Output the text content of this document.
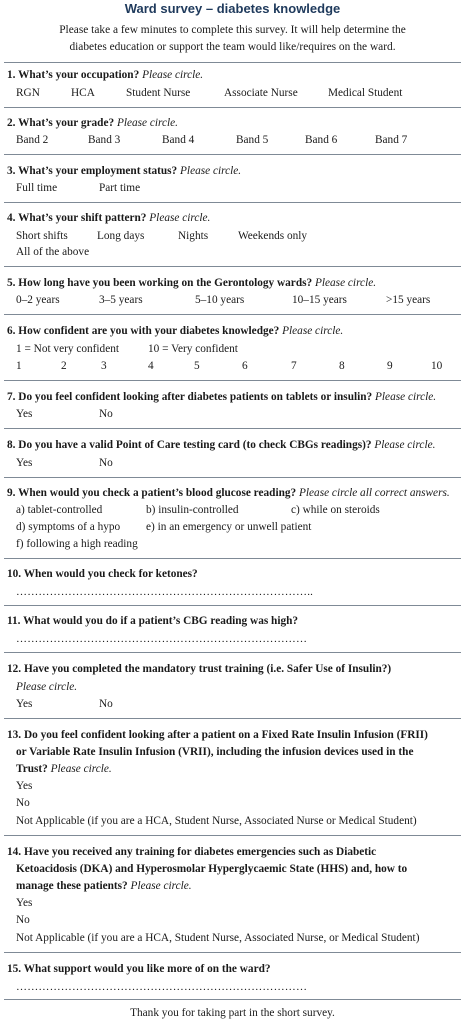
Ward survey – diabetes knowledge
Please take a few minutes to complete this survey. It will help determine the
diabetes education or support the team would like/requires on the ward.
1. What’s your occupation? Please circle.
RGN	HCA	Student Nurse	Associate Nurse	Medical Student
2. What’s your grade? Please circle.
Band 2	Band 3	Band 4	Band 5	Band 6	Band 7
3. What’s your employment status? Please circle.
Full time	Part time
4. What’s your shift pattern? Please circle.
Short shifts	Long days	Nights	Weekends only
All of the above
5. How long have you been working on the Gerontology wards? Please circle.
0–2 years	3–5 years	5–10 years	10–15 years	>15 years
6. How confident are you with your diabetes knowledge? Please circle.
1 = Not very confident	10 = Very confident
1	2	3	4	5	6	7	8	9	10
7. Do you feel confident looking after diabetes patients on tablets or insulin? Please circle.
Yes	No
8. Do you have a valid Point of Care testing card (to check CBGs readings)? Please circle.
Yes	No
9. When would you check a patient’s blood glucose reading? Please circle all correct answers.
a) tablet-controlled	b) insulin-controlled	c) while on steroids
d) symptoms of a hypo e) in an emergency or unwell patient
f) following a high reading
10. When would you check for ketones?
……………………………………………………………………..
11. What would you do if a patient’s CBG reading was high?
……………………………………………………………………
12. Have you completed the mandatory trust training (i.e. Safer Use of Insulin?)
Please circle.
Yes	No
13. Do you feel confident looking after a patient on a Fixed Rate Insulin Infusion (FRII)
or Variable Rate Insulin Infusion (VRII), including the infusion devices used in the
Trust? Please circle.
Yes
No
Not Applicable (if you are a HCA, Student Nurse, Associated Nurse or Medical Student)
14. Have you received any training for diabetes emergencies such as Diabetic
Ketoacidosis (DKA) and Hyperosmolar Hyperglycaemic State (HHS) and, how to
manage these patients? Please circle.
Yes
No
Not Applicable (if you are a HCA, Student Nurse, Associated Nurse, or Medical Student)
15. What support would you like more of on the ward?
……………………………………………………………………
Thank you for taking part in the short survey.
